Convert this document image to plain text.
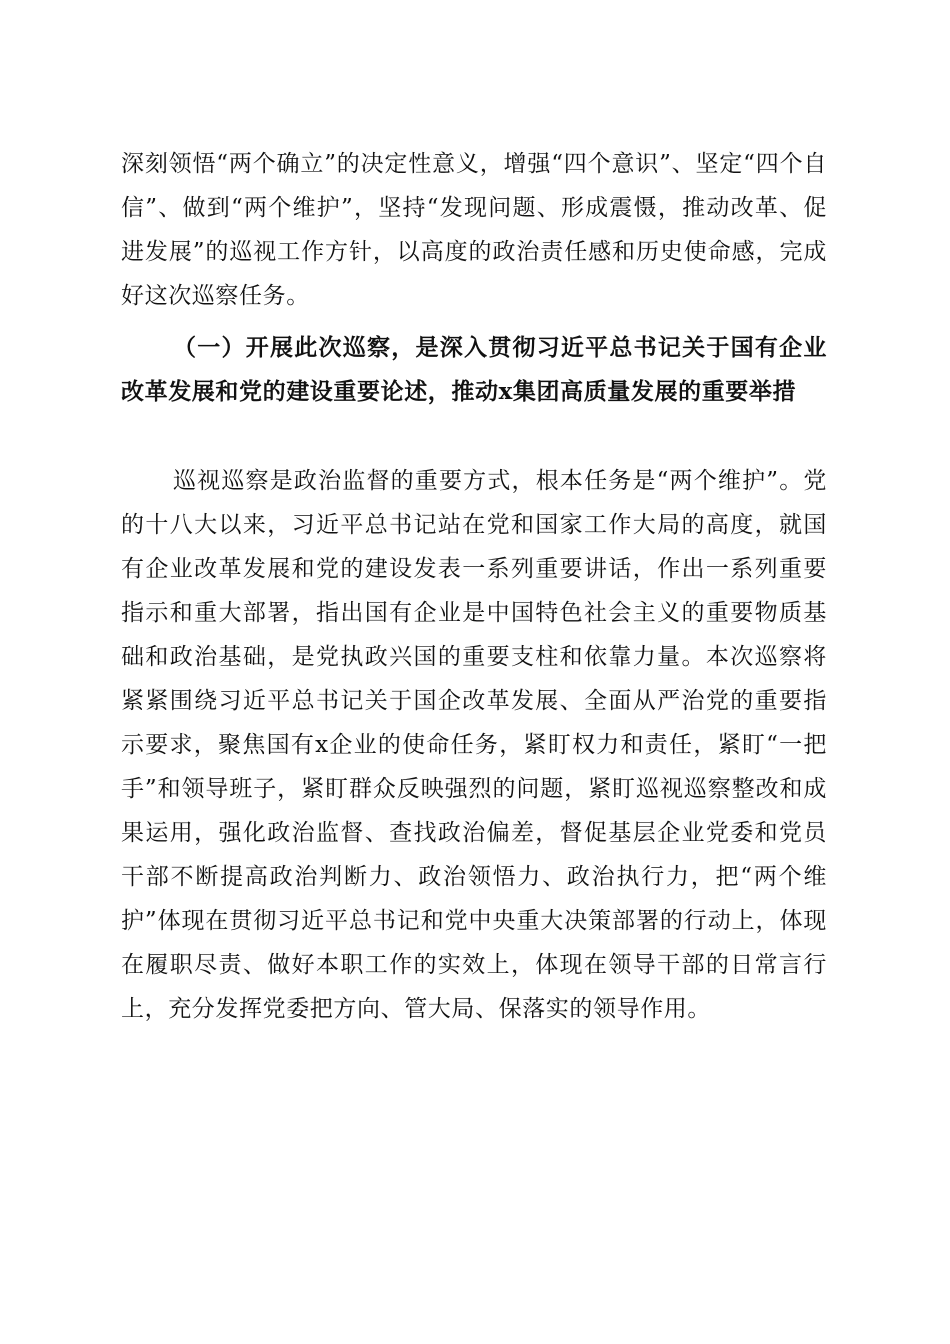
深刻领悟“两个确立”的决定性意义，增强“四个意识”、坚定“四个自信”、做到“两个维护”，坚持“发现问题、形成震慑，推动改革、促进发展”的巡视工作方针，以高度的政治责任感和历史使命感，完成好这次巡察任务。

（一）开展此次巡察，是深入贯彻习近平总书记关于国有企业改革发展和党的建设重要论述，推动x集团高质量发展的重要举措

巡视巡察是政治监督的重要方式，根本任务是“两个维护”。党的十八大以来，习近平总书记站在党和国家工作大局的高度，就国有企业改革发展和党的建设发表一系列重要讲话，作出一系列重要指示和重大部署，指出国有企业是中国特色社会主义的重要物质基础和政治基础，是党执政兴国的重要支柱和依靠力量。本次巡察将紧紧围绕习近平总书记关于国企改革发展、全面从严治党的重要指示要求，聚焦国有x企业的使命任务，紧盯权力和责任，紧盯“一把手”和领导班子，紧盯群众反映强烈的问题，紧盯巡视巡察整改和成果运用，强化政治监督、查找政治偏差，督促基层企业党委和党员干部不断提高政治判断力、政治领悟力、政治执行力，把“两个维护”体现在贯彻习近平总书记和党中央重大决策部署的行动上，体现在履职尽责、做好本职工作的实效上，体现在领导干部的日常言行上，充分发挥党委把方向、管大局、保落实的领导作用。
